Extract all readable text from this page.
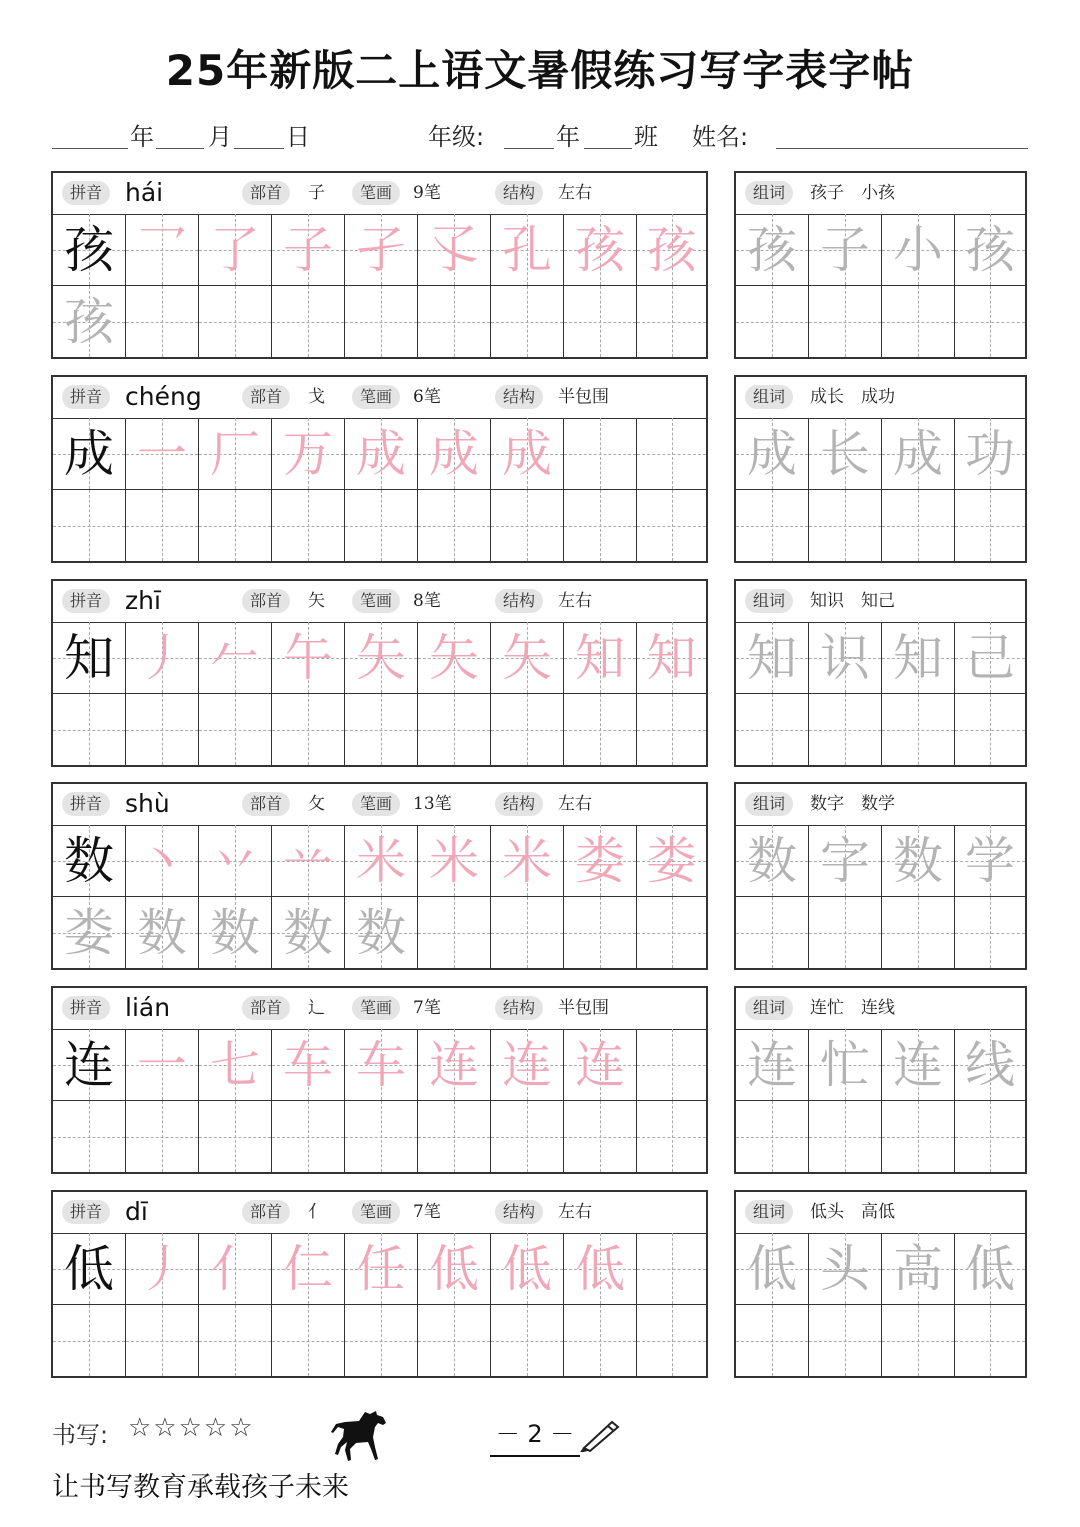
25年新版二上语文暑假练习写字表字帖
年 月 日	年级:	年 班 姓名:
拼音 hái	部首	子	笔画	9笔	结构	左右
孩 乛 了 子 孑 孓 孔 孩 孩
孩
组词	孩子　小孩
孩 子 小 孩
拼音 chéng	部首	戈	笔画	6笔	结构	半包围
成 一 厂 万 成 成 成
组词	成长　成功
成 长 成 功
拼音 zhī	部首	矢	笔画	8笔	结构	左右
知 丿 𠂉 午 矢 矢 矢 知 知
组词	知识　知己
知 识 知 己
拼音 shù	部首	攵	笔画	13笔	结构	左右
数 丶 丷 䒑 米 米 米 娄 娄
娄 数 数 数 数
组词	数字　数学
数 字 数 学
拼音 lián	部首	辶	笔画	7笔	结构	半包围
连 一 七 车 车 连 连 连
组词	连忙　连线
连 忙 连 线
拼音 dī	部首	亻	笔画	7笔	结构	左右
低 丿 亻 仁 任 低 低 低
组词	低头　高低
低 头 高 低
书写: ☆☆☆☆☆	－ 2 －
让书写教育承载孩子未来
